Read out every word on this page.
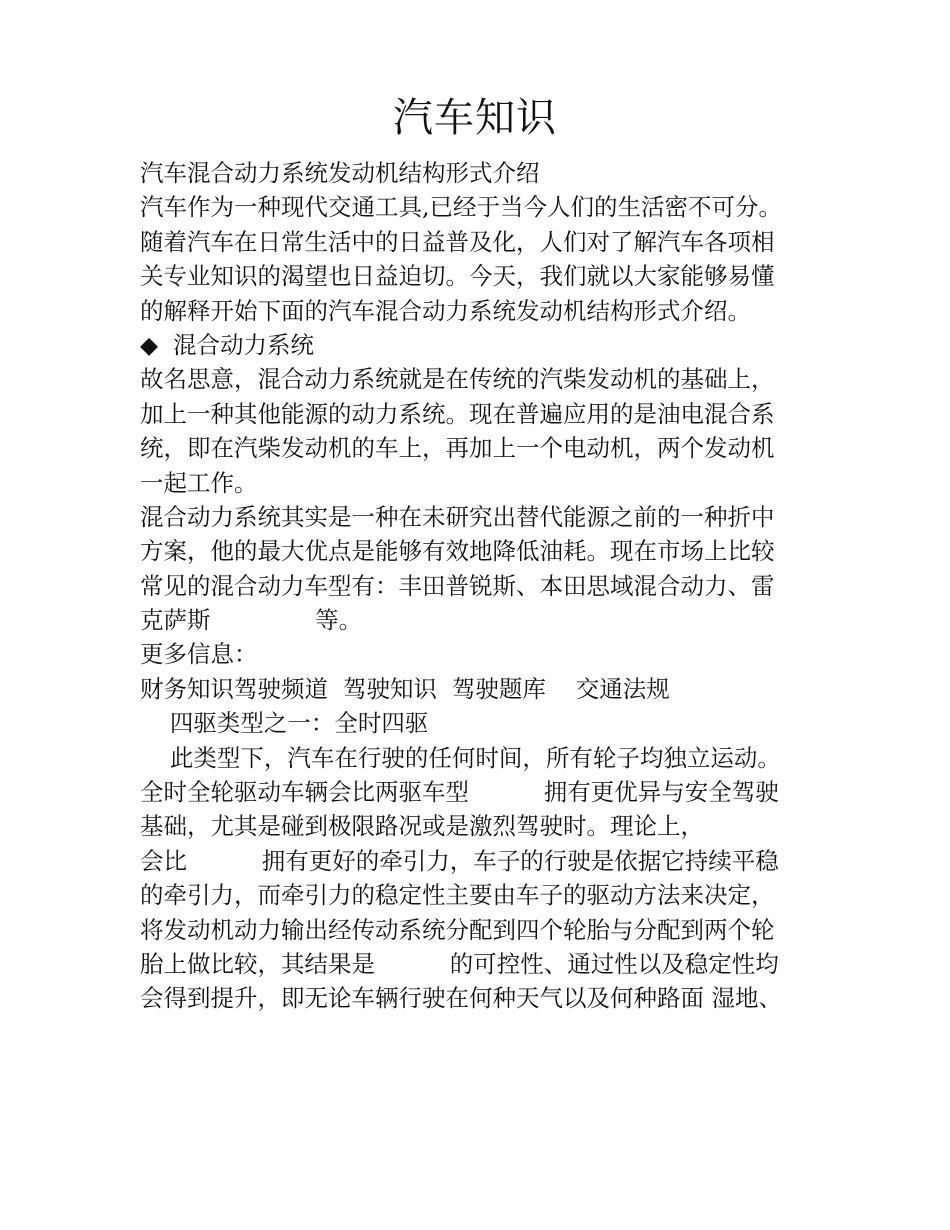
汽车知识
汽车混合动力系统发动机结构形式介绍
汽车作为一种现代交通工具,已经于当今人们的生活密不可分。
随着汽车在日常生活中的日益普及化，人们对了解汽车各项相
关专业知识的渴望也日益迫切。今天，我们就以大家能够易懂
的解释开始下面的汽车混合动力系统发动机结构形式介绍。
◆  混合动力系统
故名思意，混合动力系统就是在传统的汽柴发动机的基础上，
加上一种其他能源的动力系统。现在普遍应用的是油电混合系
统，即在汽柴发动机的车上，再加上一个电动机，两个发动机
一起工作。
混合动力系统其实是一种在未研究出替代能源之前的一种折中
方案，他的最大优点是能够有效地降低油耗。现在市场上比较
常见的混合动力车型有：丰田普锐斯、本田思域混合动力、雷
克萨斯              等。
更多信息：
财务知识驾驶频道  驾驶知识  驾驶题库    交通法规
四驱类型之一：全时四驱
此类型下，汽车在行驶的任何时间，所有轮子均独立运动。
全时全轮驱动车辆会比两驱车型          拥有更优异与安全驾驶
基础，尤其是碰到极限路况或是激烈驾驶时。理论上，
会比          拥有更好的牵引力，车子的行驶是依据它持续平稳
的牵引力，而牵引力的稳定性主要由车子的驱动方法来决定，
将发动机动力输出经传动系统分配到四个轮胎与分配到两个轮
胎上做比较，其结果是          的可控性、通过性以及稳定性均
会得到提升，即无论车辆行驶在何种天气以及何种路面 湿地、
